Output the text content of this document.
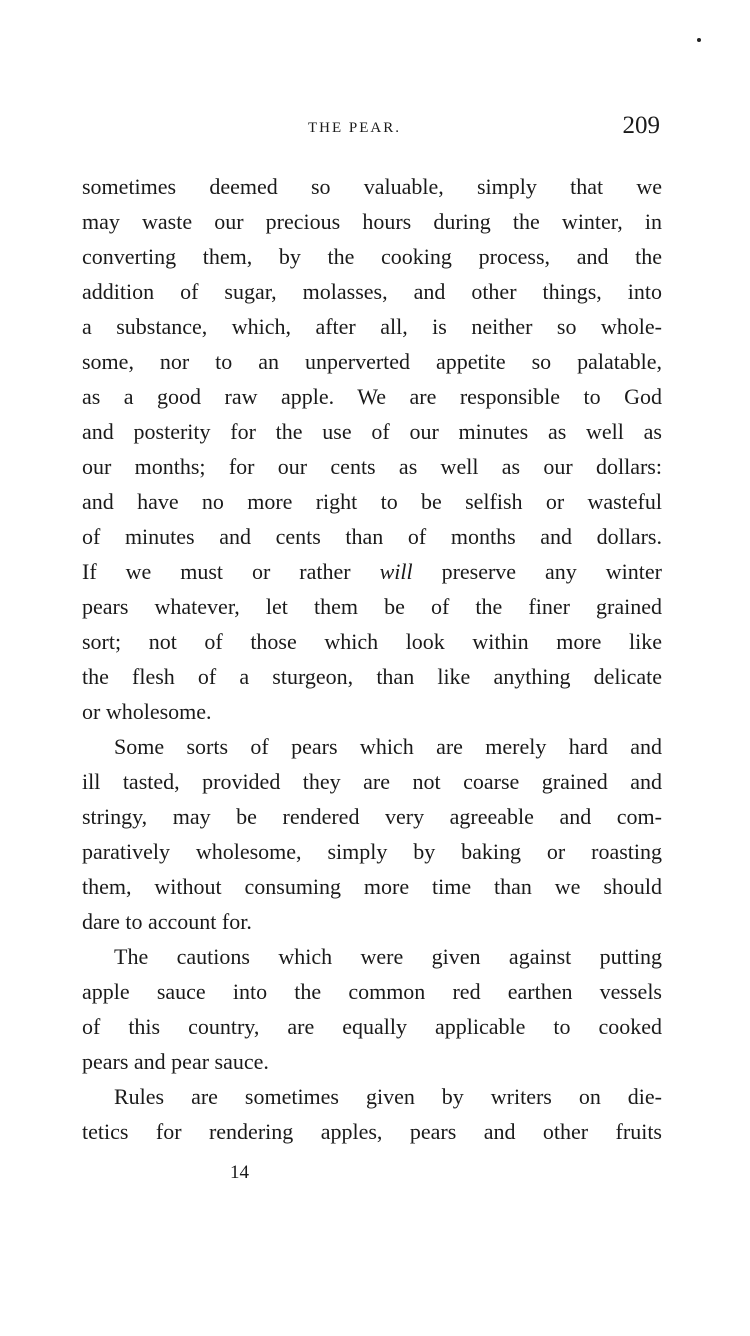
THE PEAR.	209
sometimes deemed so valuable, simply that we
may waste our precious hours during the winter, in
converting them, by the cooking process, and the
addition of sugar, molasses, and other things, into
a substance, which, after all, is neither so whole-
some, nor to an unperverted appetite so palatable,
as a good raw apple. We are responsible to God
and posterity for the use of our minutes as well as
our months; for our cents as well as our dollars:
and have no more right to be selfish or wasteful
of minutes and cents than of months and dollars.
If we must or rather will preserve any winter
pears whatever, let them be of the finer grained
sort; not of those which look within more like
the flesh of a sturgeon, than like anything delicate
or wholesome.
Some sorts of pears which are merely hard and
ill tasted, provided they are not coarse grained and
stringy, may be rendered very agreeable and com-
paratively wholesome, simply by baking or roasting
them, without consuming more time than we should
dare to account for.
The cautions which were given against putting
apple sauce into the common red earthen vessels
of this country, are equally applicable to cooked
pears and pear sauce.
Rules are sometimes given by writers on die-
tetics for rendering apples, pears and other fruits
14
